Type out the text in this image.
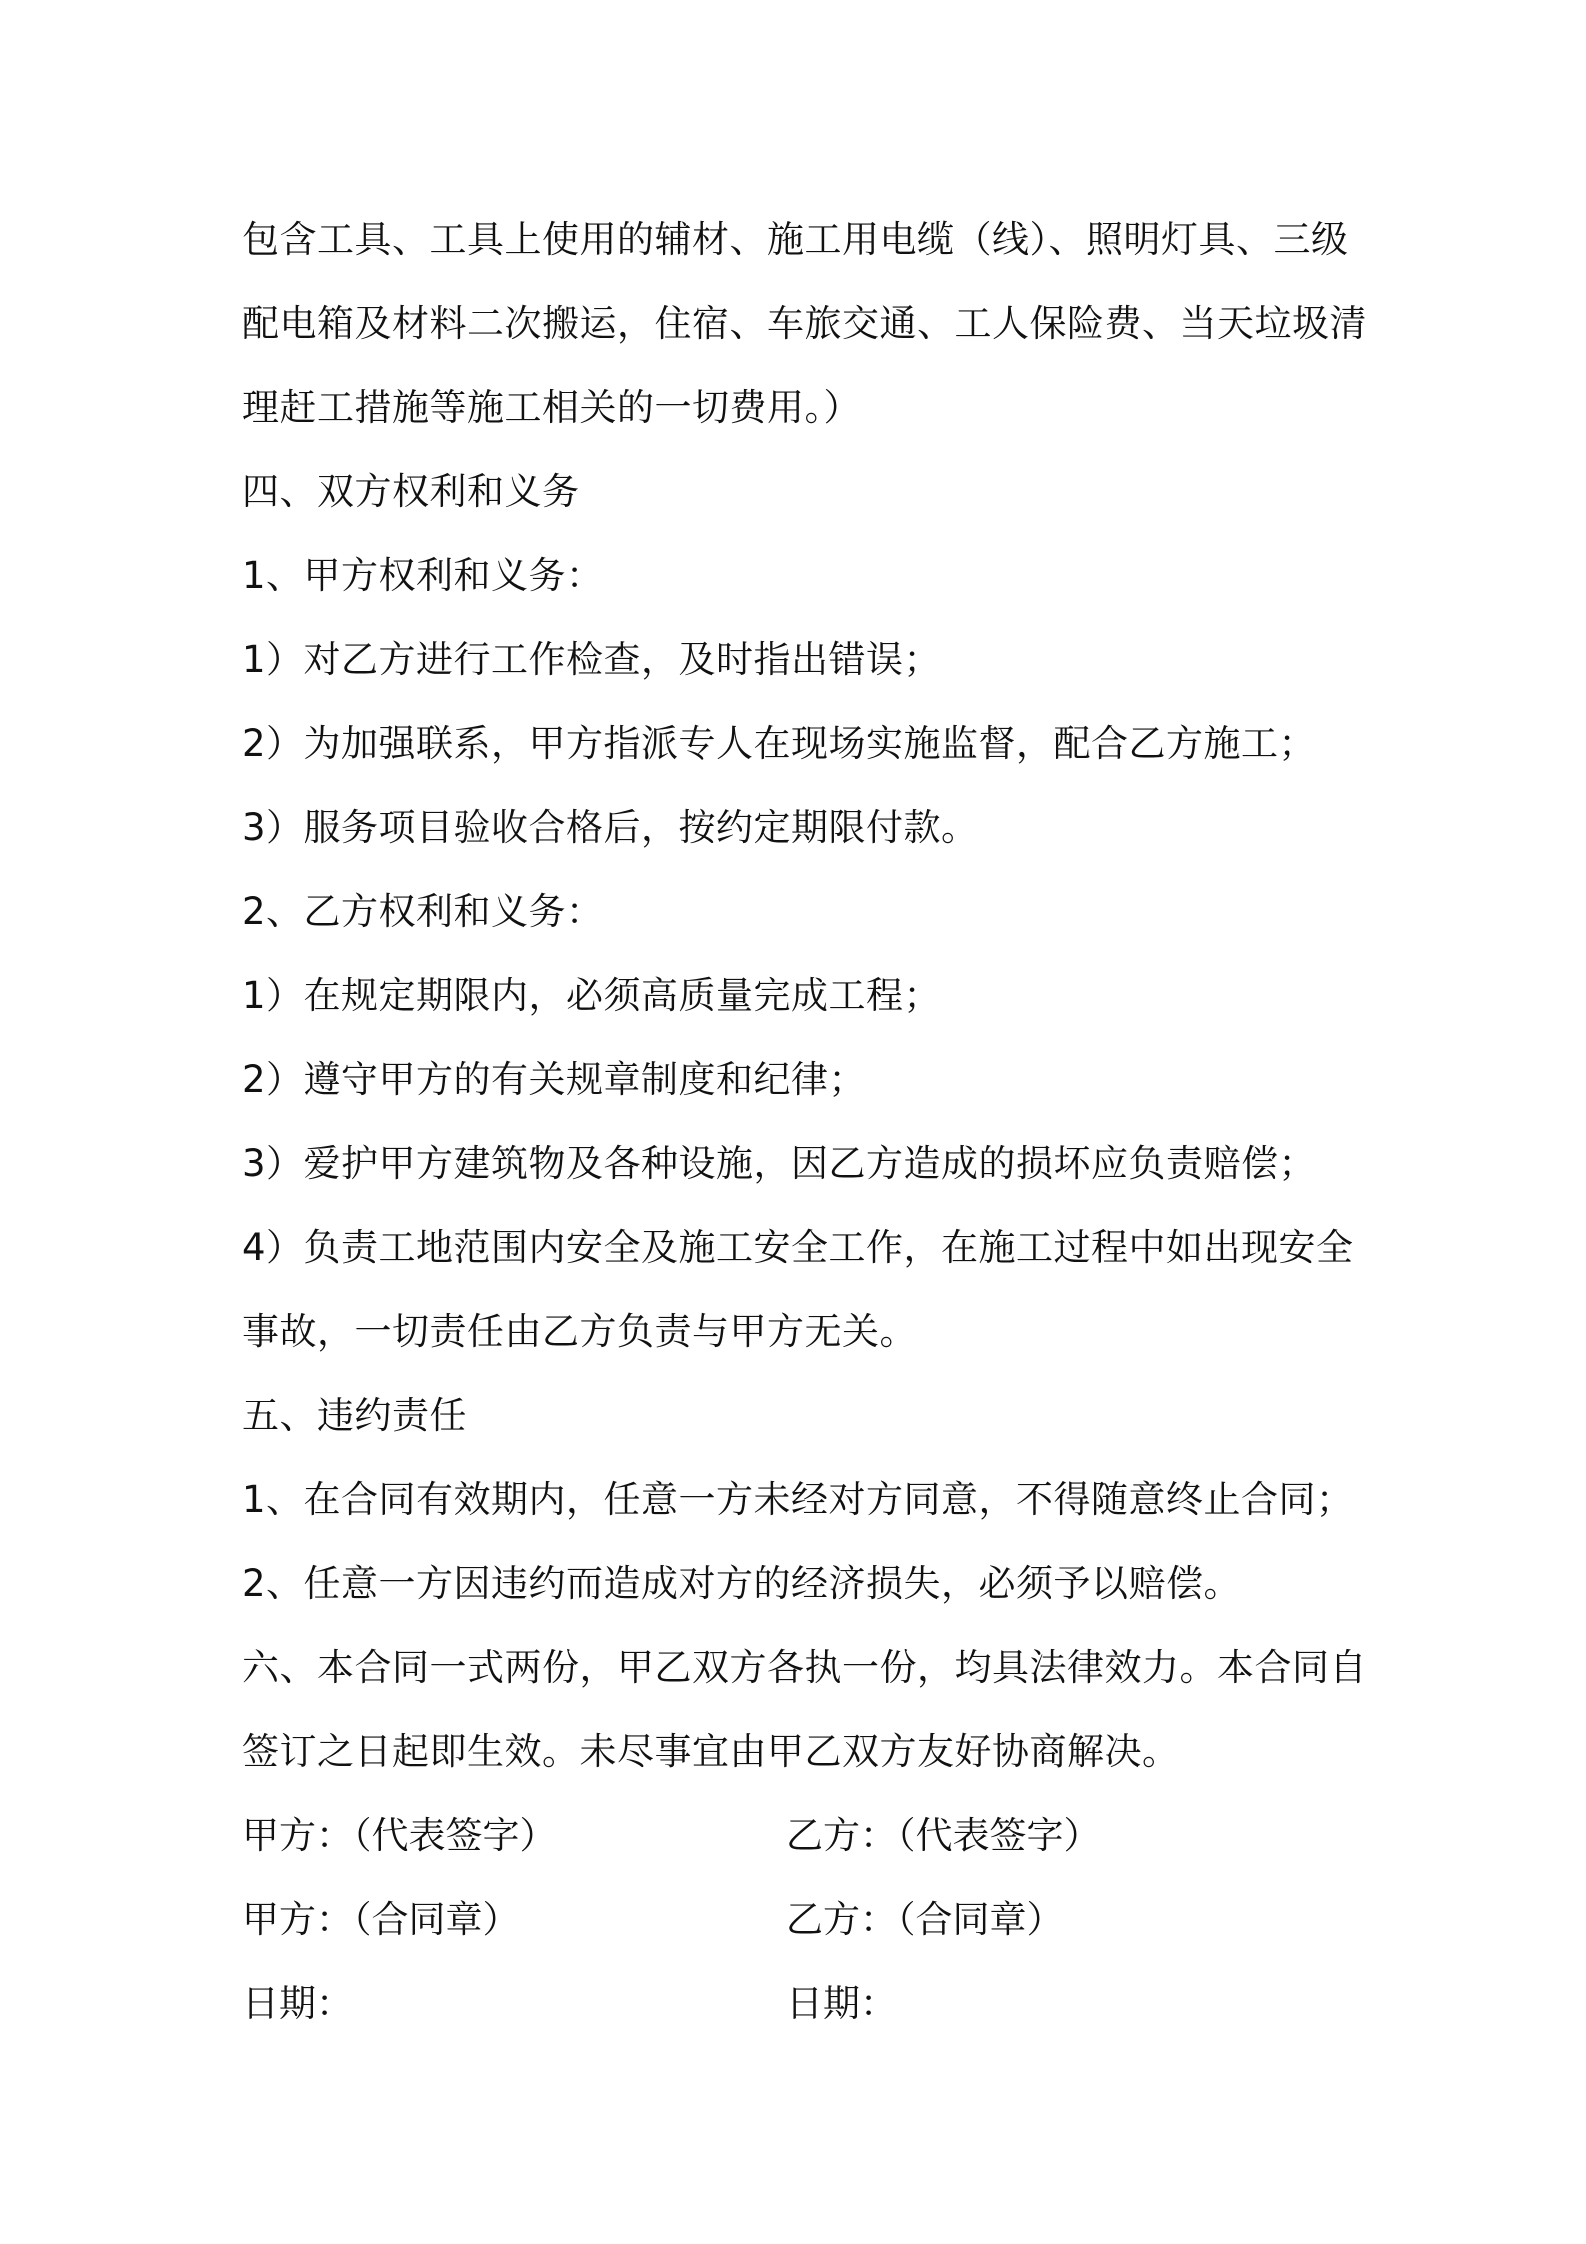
包含工具、工具上使用的辅材、施工用电缆（线）、照明灯具、三级
配电箱及材料二次搬运，住宿、车旅交通、工人保险费、当天垃圾清
理赶工措施等施工相关的一切费用。）
四、双方权利和义务
1、甲方权利和义务：
1）对乙方进行工作检查，及时指出错误；
2）为加强联系，甲方指派专人在现场实施监督，配合乙方施工；
3）服务项目验收合格后，按约定期限付款。
2、乙方权利和义务：
1）在规定期限内，必须高质量完成工程；
2）遵守甲方的有关规章制度和纪律；
3）爱护甲方建筑物及各种设施，因乙方造成的损坏应负责赔偿；
4）负责工地范围内安全及施工安全工作，在施工过程中如出现安全
事故，一切责任由乙方负责与甲方无关。
五、违约责任
1、在合同有效期内，任意一方未经对方同意，不得随意终止合同；
2、任意一方因违约而造成对方的经济损失，必须予以赔偿。
六、本合同一式两份，甲乙双方各执一份，均具法律效力。本合同自
签订之日起即生效。未尽事宜由甲乙双方友好协商解决。
甲方：（代表签字）	乙方：（代表签字）
甲方：（合同章）	乙方：（合同章）
日期：	日期：
